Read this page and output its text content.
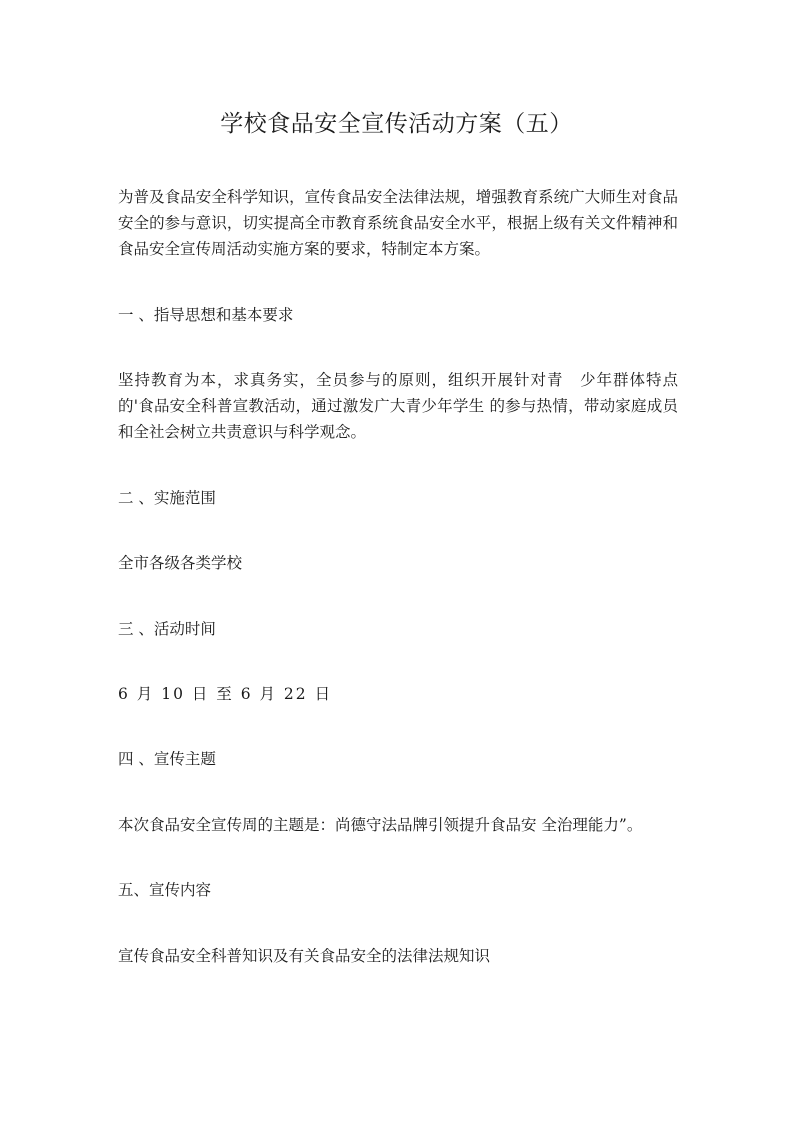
学校食品安全宣传活动方案（五）

为普及食品安全科学知识，宣传食品安全法律法规，增强教育系统广大师生对食品安全的参与意识，切实提高全市教育系统食品安全水平，根据上级有关文件精神和食品安全宣传周活动实施方案的要求，特制定本方案。

一 、指导思想和基本要求

坚持教育为本，求真务实，全员参与的原则，组织开展针对青　少年群体特点的'食品安全科普宣教活动，通过激发广大青少年学生 的参与热情，带动家庭成员和全社会树立共责意识与科学观念。

二 、实施范围

全市各级各类学校

三 、活动时间

6 月 10 日 至 6 月 22 日

四 、宣传主题

本次食品安全宣传周的主题是：尚德守法品牌引领提升食品安 全治理能力”。

五、宣传内容

宣传食品安全科普知识及有关食品安全的法律法规知识
